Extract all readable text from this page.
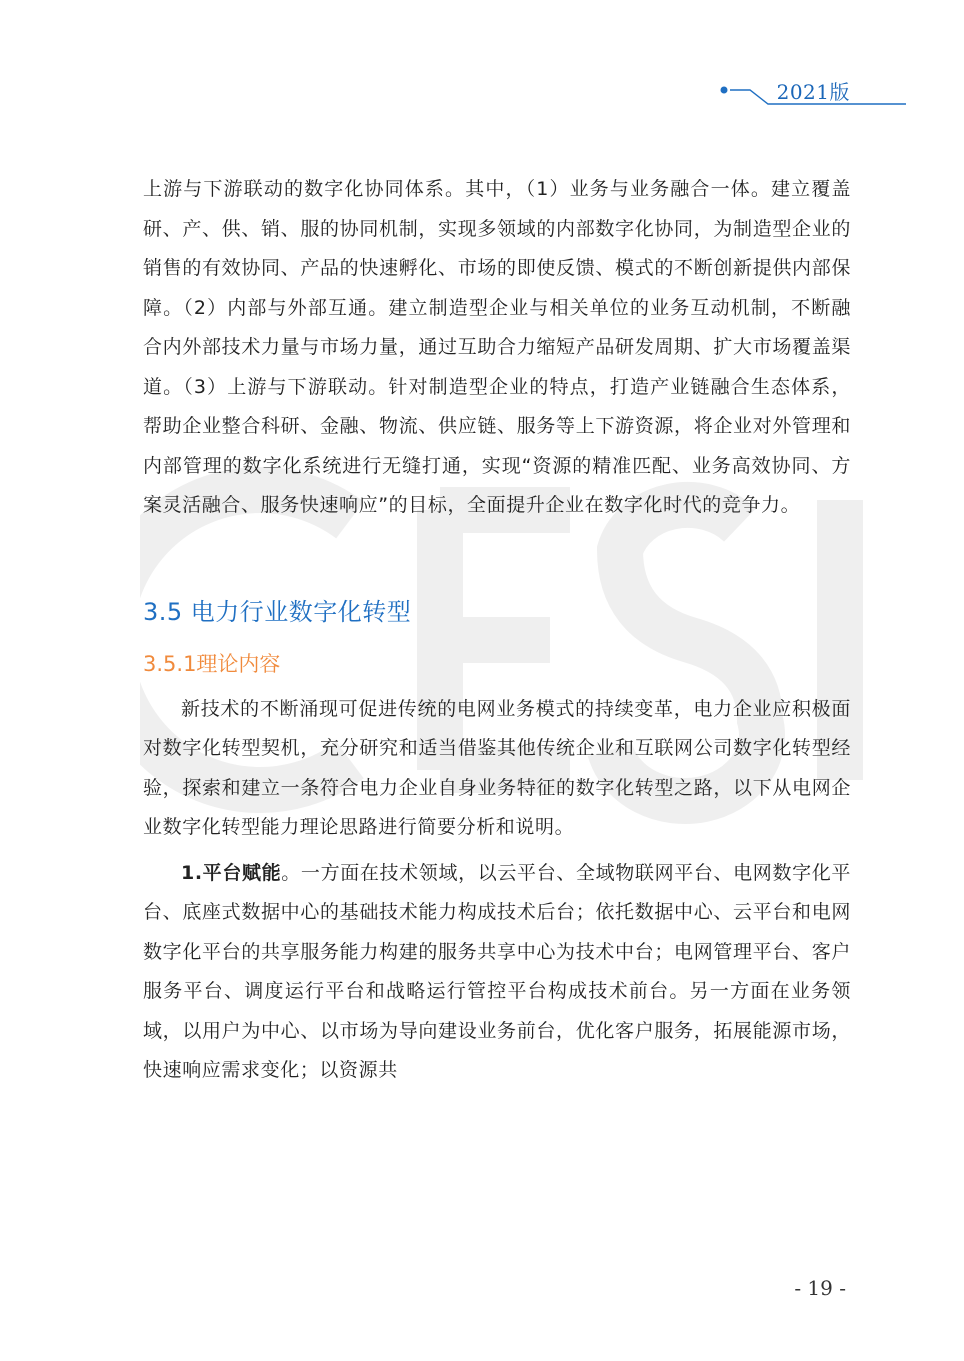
2021版

上游与下游联动的数字化协同体系。其中，（1）业务与业务融合一体。建立覆盖研、产、供、销、服的协同机制，实现多领域的内部数字化协同，为制造型企业的销售的有效协同、产品的快速孵化、市场的即使反馈、模式的不断创新提供内部保障。（2）内部与外部互通。建立制造型企业与相关单位的业务互动机制，不断融合内外部技术力量与市场力量，通过互助合力缩短产品研发周期、扩大市场覆盖渠道。（3）上游与下游联动。针对制造型企业的特点，打造产业链融合生态体系，帮助企业整合科研、金融、物流、供应链、服务等上下游资源，将企业对外管理和内部管理的数字化系统进行无缝打通，实现“资源的精准匹配、业务高效协同、方案灵活融合、服务快速响应”的目标，全面提升企业在数字化时代的竞争力。

3.5 电力行业数字化转型
3.5.1理论内容

新技术的不断涌现可促进传统的电网业务模式的持续变革，电力企业应积极面对数字化转型契机，充分研究和适当借鉴其他传统企业和互联网公司数字化转型经验，探索和建立一条符合电力企业自身业务特征的数字化转型之路，以下从电网企业数字化转型能力理论思路进行简要分析和说明。

1.平台赋能。一方面在技术领域，以云平台、全域物联网平台、电网数字化平台、底座式数据中心的基础技术能力构成技术后台；依托数据中心、云平台和电网数字化平台的共享服务能力构建的服务共享中心为技术中台；电网管理平台、客户服务平台、调度运行平台和战略运行管控平台构成技术前台。另一方面在业务领域，以用户为中心、以市场为导向建设业务前台，优化客户服务，拓展能源市场，快速响应需求变化；以资源共

- 19 -
